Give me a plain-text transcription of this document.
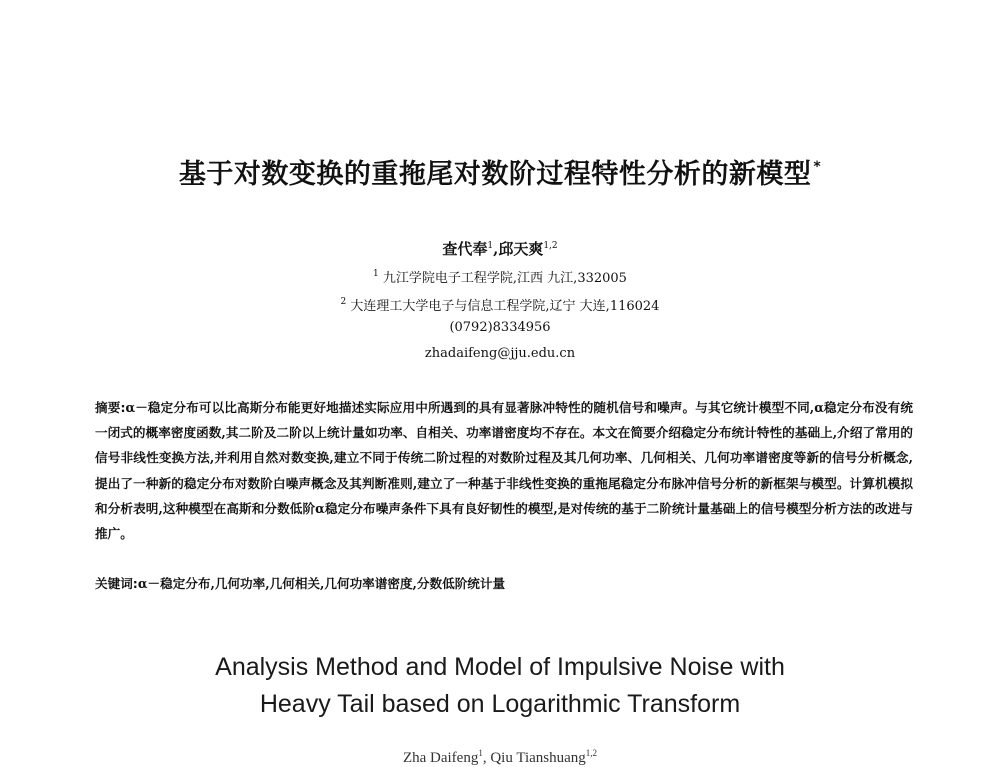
基于对数变换的重拖尾对数阶过程特性分析的新模型 *
查代奉$^1$,邱天爽$^{1,2}$
$^1$ 九江学院电子工程学院,江西 九江,332005
$^2$ 大连理工大学电子与信息工程学院,辽宁 大连,116024
(0792)8334956
zhadaifeng@jju.edu.cn
摘要:α－稳定分布可以比高斯分布能更好地描述实际应用中所遇到的具有显著脉冲特性的随机信号和噪声。与其它统计模型不同,α稳定分布没有统一闭式的概率密度函数,其二阶及二阶以上统计量如功率、自相关、功率谱密度均不存在。本文在简要介绍稳定分布统计特性的基础上,介绍了常用的信号非线性变换方法,并利用自然对数变换,建立不同于传统二阶过程的对数阶过程及其几何功率、几何相关、几何功率谱密度等新的信号分析概念,提出了一种新的稳定分布对数阶白噪声概念及其判断准则,建立了一种基于非线性变换的重拖尾稳定分布脉冲信号分析的新框架与模型。计算机模拟和分析表明,这种模型在高斯和分数低阶α稳定分布噪声条件下具有良好韧性的模型,是对传统的基于二阶统计量基础上的信号模型分析方法的改进与推广。
关键词:α－稳定分布,几何功率,几何相关,几何功率谱密度,分数低阶统计量
Analysis Method and Model of Impulsive Noise with
Heavy Tail based on Logarithmic Transform
Zha Daifeng$^1$, Qiu Tianshuang$^{1,2}$
